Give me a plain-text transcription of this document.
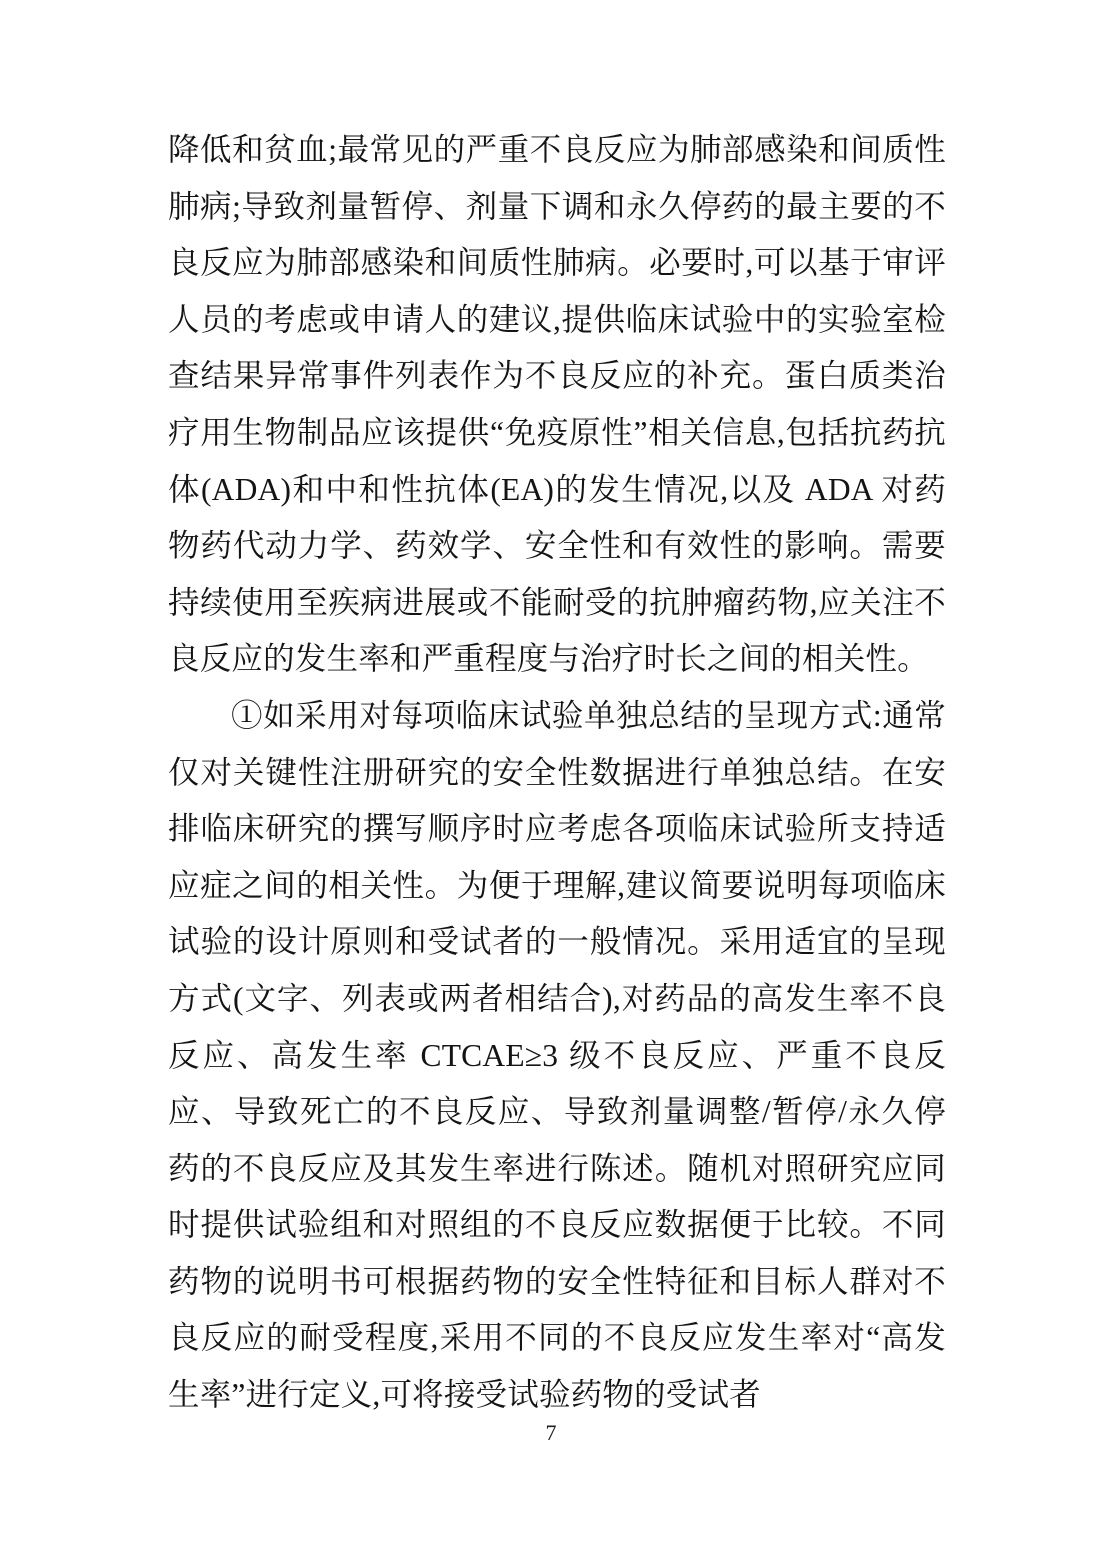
降低和贫血;最常见的严重不良反应为肺部感染和间质性肺病;导致剂量暂停、剂量下调和永久停药的最主要的不良反应为肺部感染和间质性肺病。必要时,可以基于审评人员的考虑或申请人的建议,提供临床试验中的实验室检查结果异常事件列表作为不良反应的补充。蛋白质类治疗用生物制品应该提供“免疫原性”相关信息,包括抗药抗体(ADA)和中和性抗体(EA)的发生情况,以及 ADA 对药物药代动力学、药效学、安全性和有效性的影响。需要持续使用至疾病进展或不能耐受的抗肿瘤药物,应关注不良反应的发生率和严重程度与治疗时长之间的相关性。

①如采用对每项临床试验单独总结的呈现方式:通常仅对关键性注册研究的安全性数据进行单独总结。在安排临床研究的撰写顺序时应考虑各项临床试验所支持适应症之间的相关性。为便于理解,建议简要说明每项临床试验的设计原则和受试者的一般情况。采用适宜的呈现方式(文字、列表或两者相结合),对药品的高发生率不良反应、高发生率 CTCAE≥3 级不良反应、严重不良反应、导致死亡的不良反应、导致剂量调整/暂停/永久停药的不良反应及其发生率进行陈述。随机对照研究应同时提供试验组和对照组的不良反应数据便于比较。不同药物的说明书可根据药物的安全性特征和目标人群对不良反应的耐受程度,采用不同的不良反应发生率对“高发生率”进行定义,可将接受试验药物的受试者

7
